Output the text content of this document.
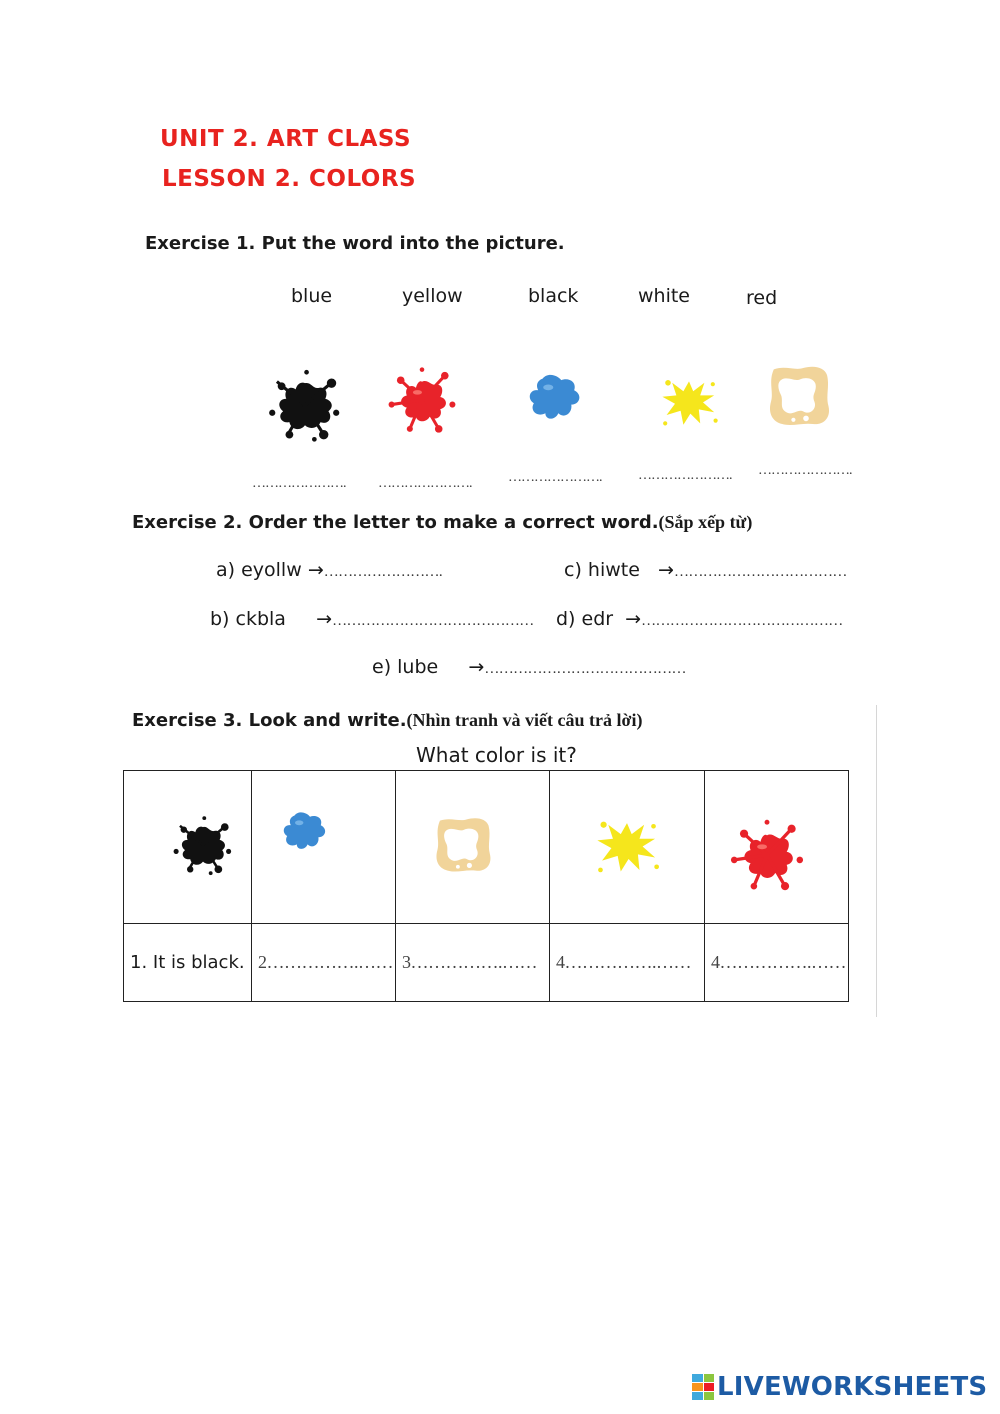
UNIT 2. ART CLASS
LESSON 2. COLORS
Exercise 1. Put the word into the picture.
blue	yellow	black	white	red
…………………. ………………….	………………….	…………………. ………………….
Exercise 2. Order the letter to make a correct word.(Sắp xếp từ)
a) eyollw →…………………….	c) hiwte →………………………………
b) ckbla →…………………………………… d) edr →……………………………………
e) lube →……………………………………
Exercise 3. Look and write.(Nhìn tranh và viết câu trả lời)
What color is it?

1. It is black.	2…………….……	3…………….……	4…………….……	4…………….……
LIVEWORKSHEETS
